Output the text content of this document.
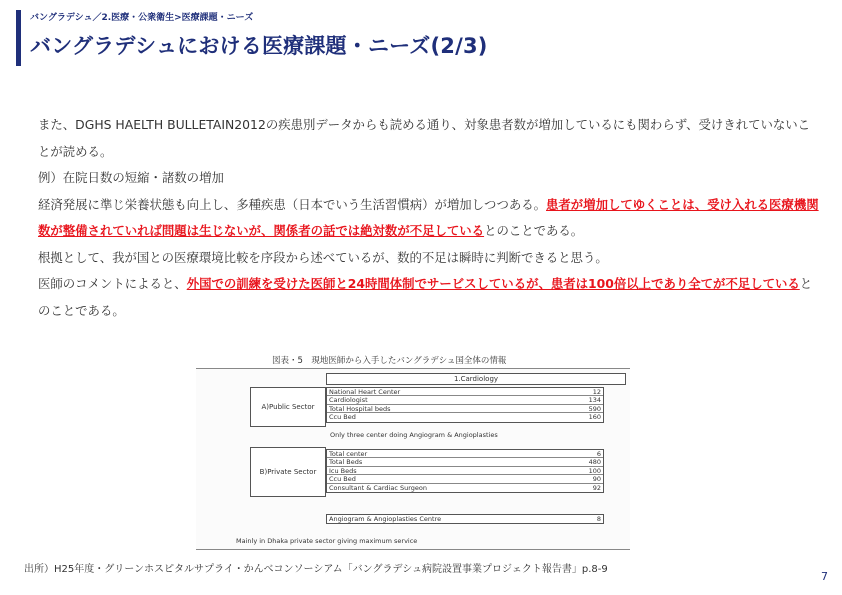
バングラデシュ／2.医療・公衆衛生>医療課題・ニーズ
バングラデシュにおける医療課題・ニーズ(2/3)

また、DGHS HAELTH BULLETAIN2012の疾患別データからも読める通り、対象患者数が増加しているにも関わらず、受けきれていないことが読める。

例）在院日数の短縮・諸数の増加

経済発展に準じ栄養状態も向上し、多種疾患（日本でいう生活習慣病）が増加しつつある。患者が増加してゆくことは、受け入れる医療機関数が整備されていれば問題は生じないが、関係者の話では絶対数が不足しているとのことである。

根拠として、我が国との医療環境比較を序段から述べているが、数的不足は瞬時に判断できると思う。

医師のコメントによると、外国での訓練を受けた医師と24時間体制でサービスしているが、患者は100倍以上であり全てが不足しているとのことである。

図表・5　現地医師から入手したバングラデシュ国全体の情報
1.Cardiology
A)Public Sector
National Heart Center	12
Cardiologist	134
Total Hospital beds	590
Ccu Bed	160
Only three center doing Angiogram & Angioplasties
B)Private Sector
Total center	6
Total Beds	480
Icu Beds	100
Ccu Bed	90
Consultant & Cardiac Surgeon	92
Angiogram & Angioplasties Centre	8
Mainly in Dhaka private sector giving maximum service
出所）H25年度・グリーンホスピタルサプライ・かんべコンソーシアム「バングラデシュ病院設置事業プロジェクト報告書」p.8-9
7
